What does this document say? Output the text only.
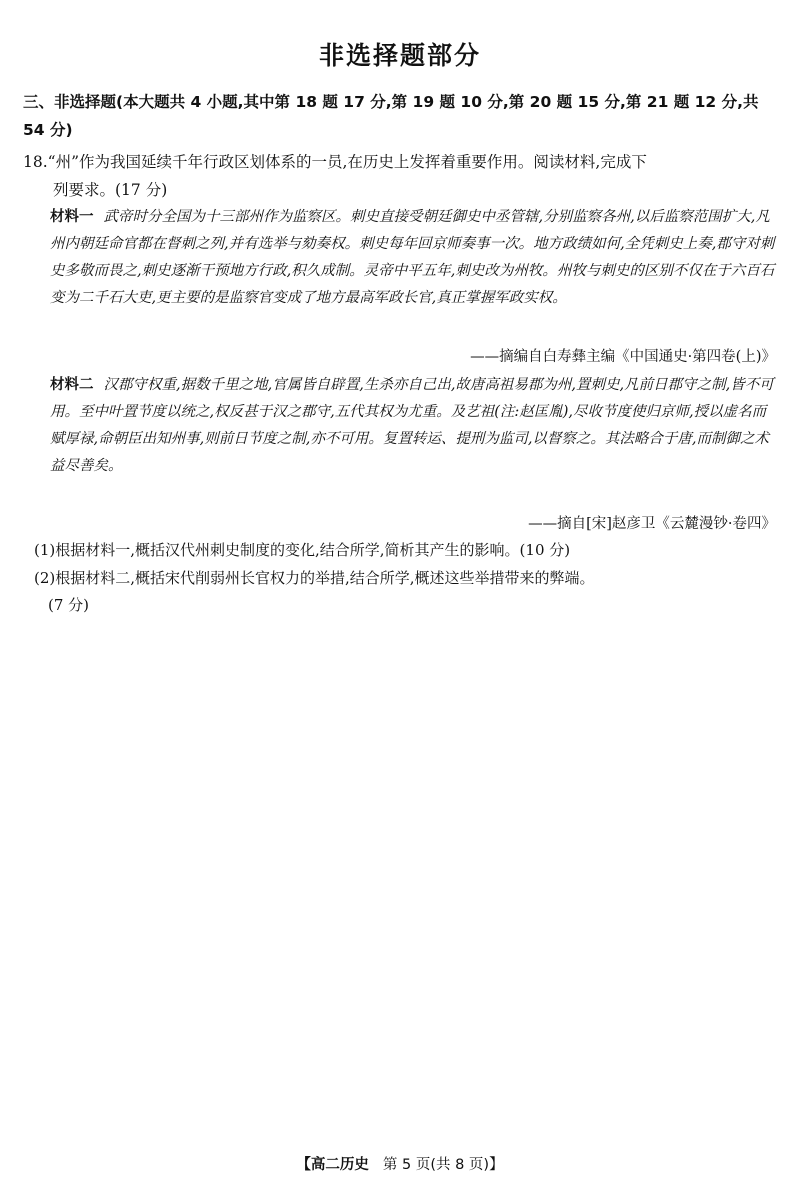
非选择题部分
三、非选择题(本大题共 4 小题,其中第 18 题 17 分,第 19 题 10 分,第 20 题 15 分,第 21 题 12 分,共 54 分)
18.“州”作为我国延续千年行政区划体系的一员,在历史上发挥着重要作用。阅读材料,完成下
列要求。(17 分)
材料一 武帝时分全国为十三部州作为监察区。刺史直接受朝廷御史中丞管辖,分别监察各州,以后监察范围扩大,凡州内朝廷命官都在督刺之列,并有选举与劾奏权。刺史每年回京师奏事一次。地方政绩如何,全凭刺史上奏,郡守对刺史多敬而畏之,刺史逐渐干预地方行政,积久成制。灵帝中平五年,刺史改为州牧。州牧与刺史的区别不仅在于六百石变为二千石大吏,更主要的是监察官变成了地方最高军政长官,真正掌握军政实权。
——摘编自白寿彝主编《中国通史·第四卷(上)》
材料二 汉郡守权重,据数千里之地,官属皆自辟置,生杀亦自己出,故唐高祖易郡为州,置刺史,凡前日郡守之制,皆不可用。至中叶置节度以统之,权反甚于汉之郡守,五代其权为尤重。及艺祖(注:赵匡胤),尽收节度使归京师,授以虚名而赋厚禄,命朝臣出知州事,则前日节度之制,亦不可用。复置转运、提刑为监司,以督察之。其法略合于唐,而制御之术益尽善矣。
——摘自[宋]赵彦卫《云麓漫钞·卷四》
(1)根据材料一,概括汉代州刺史制度的变化,结合所学,简析其产生的影响。(10 分)
(2)根据材料二,概括宋代削弱州长官权力的举措,结合所学,概述这些举措带来的弊端。
(7 分)
【高二历史 第 5 页(共 8 页)】
